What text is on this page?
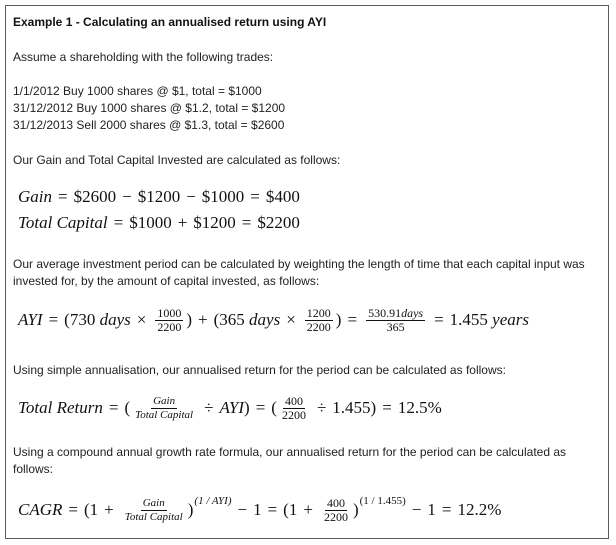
Example 1 - Calculating an annualised return using AYI
Assume a shareholding with the following trades:
1/1/2012 Buy 1000 shares @ $1, total = $1000
31/12/2012 Buy 1000 shares @ $1.2, total = $1200
31/12/2013 Sell 2000 shares @ $1.3, total = $2600
Our Gain and Total Capital Invested are calculated as follows:
Gain = $2600 − $1200 − $1000 = $400
Total Capital = $1000 + $1200 = $2200
Our average investment period can be calculated by weighting the length of time that each capital input was invested for, by the amount of capital invested, as follows:
AYI = ( 730
days × $\frac{1000}{2200}$ ) + ( 365
days × $\frac{1200}{2200}$ ) = $\frac{\text{530.91days}}{365} = 1.455$
years
Using simple annualisation, our annualised return for the period can be calculated as follows:
Total Return = ( $\frac{\text{Gain}}{\text{Total Capital}}$ ÷ AYI ) = ( $\frac{400}{2200} \div 1.455$ ) = 12.5%
Using a compound annual growth rate formula, our annualised return for the period can be calculated as follows:
CAGR = ( $1 + \frac{\text{Gain}}{\text{Total Capital}} )^{(1 / AYI)} - 1$ = ( $1 + \frac{400}{2200} )^{(1 / 1.455)} - 1 = 12.2\%$
